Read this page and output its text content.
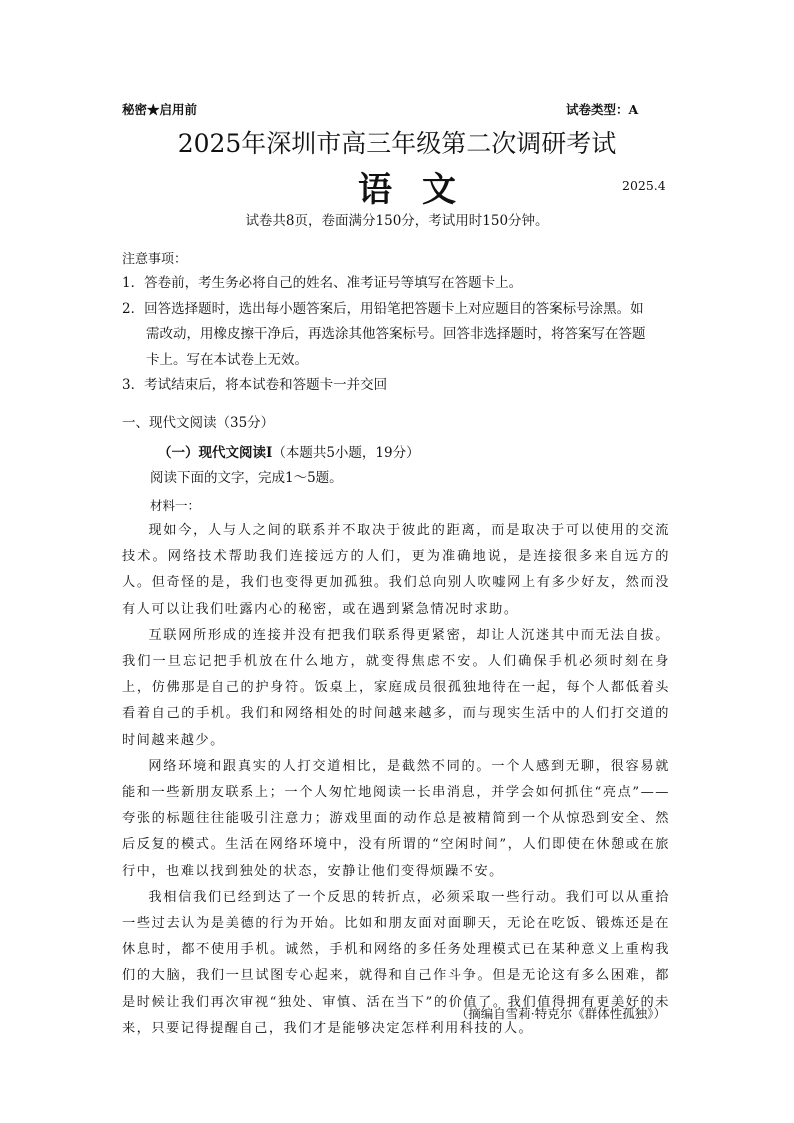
秘密★启用前	试卷类型：A
2025年深圳市高三年级第二次调研考试
语文	2025.4
试卷共8页，卷面满分150分，考试用时150分钟。
注意事项：
1．答卷前，考生务必将自己的姓名、准考证号等填写在答题卡上。
2．回答选择题时，选出每小题答案后，用铅笔把答题卡上对应题目的答案标号涂黑。如
需改动，用橡皮擦干净后，再选涂其他答案标号。回答非选择题时，将答案写在答题
卡上。写在本试卷上无效。
3．考试结束后，将本试卷和答题卡一并交回
一、现代文阅读（35分）
（一）现代文阅读Ⅰ（本题共5小题，19分）
阅读下面的文字，完成1～5题。
材料一：

现如今，人与人之间的联系并不取决于彼此的距离，而是取决于可以使用的交流技术。网络技术帮助我们连接远方的人们，更为准确地说，是连接很多来自远方的人。但奇怪的是，我们也变得更加孤独。我们总向别人吹嘘网上有多少好友，然而没有人可以让我们吐露内心的秘密，或在遇到紧急情况时求助。

互联网所形成的连接并没有把我们联系得更紧密，却让人沉迷其中而无法自拔。我们一旦忘记把手机放在什么地方，就变得焦虑不安。人们确保手机必须时刻在身上，仿佛那是自己的护身符。饭桌上，家庭成员很孤独地待在一起，每个人都低着头看着自己的手机。我们和网络相处的时间越来越多，而与现实生活中的人们打交道的时间越来越少。

网络环境和跟真实的人打交道相比，是截然不同的。一个人感到无聊，很容易就能和一些新朋友联系上；一个人匆忙地阅读一长串消息，并学会如何抓住“亮点”——夸张的标题往往能吸引注意力；游戏里面的动作总是被精简到一个从惊恐到安全、然后反复的模式。生活在网络环境中，没有所谓的“空闲时间”，人们即使在休憩或在旅行中，也难以找到独处的状态，安静让他们变得烦躁不安。

我相信我们已经到达了一个反思的转折点，必须采取一些行动。我们可以从重拾一些过去认为是美德的行为开始。比如和朋友面对面聊天，无论在吃饭、锻炼还是在休息时，都不使用手机。诚然，手机和网络的多任务处理模式已在某种意义上重构我们的大脑，我们一旦试图专心起来，就得和自己作斗争。但是无论这有多么困难，都是时候让我们再次审视“独处、审慎、活在当下”的价值了。我们值得拥有更美好的未来，只要记得提醒自己，我们才是能够决定怎样利用科技的人。

（摘编自雪莉·特克尔《群体性孤独》）
